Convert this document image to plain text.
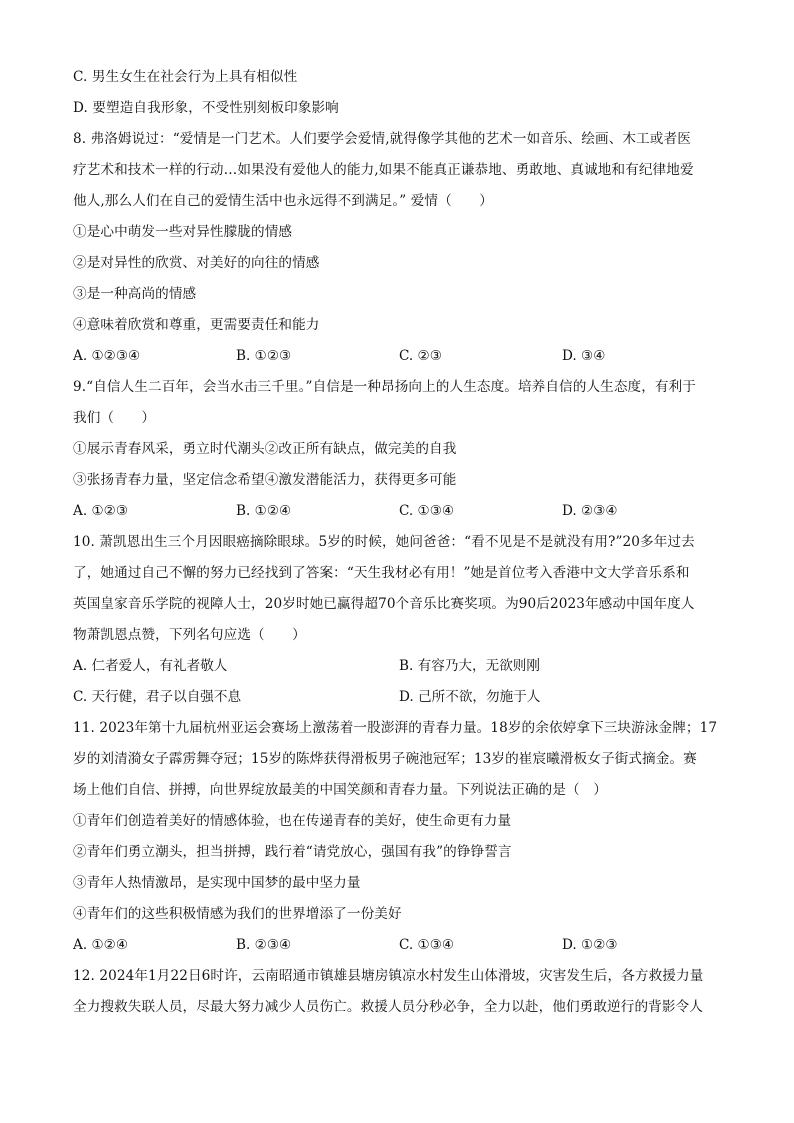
C. 男生女生在社会行为上具有相似性
D. 要塑造自我形象，不受性别刻板印象影响
8. 弗洛姆说过：“爱情是一门艺术。人们要学会爱情,就得像学其他的艺术一如音乐、绘画、木工或者医
疗艺术和技术一样的行动…如果没有爱他人的能力,如果不能真正谦恭地、勇敢地、真诚地和有纪律地爱
他人,那么人们在自己的爱情生活中也永远得不到满足。” 爱情（　　）
①是心中萌发一些对异性朦胧的情感
②是对异性的欣赏、对美好的向往的情感
③是一种高尚的情感
④意味着欣赏和尊重，更需要责任和能力
A. ①②③④	B. ①②③	C. ②③	D. ③④
9.“自信人生二百年，会当水击三千里。”自信是一种昂扬向上的人生态度。培养自信的人生态度，有利于
我们（　　）
①展示青春风采，勇立时代潮头②改正所有缺点，做完美的自我
③张扬青春力量，坚定信念希望④激发潜能活力，获得更多可能
A. ①②③	B. ①②④	C. ①③④	D. ②③④
10. 萧凯恩出生三个月因眼癌摘除眼球。5岁的时候，她问爸爸：“看不见是不是就没有用?”20多年过去
了，她通过自己不懈的努力已经找到了答案：“天生我材必有用！”她是首位考入香港中文大学音乐系和
英国皇家音乐学院的视障人士，20岁时她已赢得超70个音乐比赛奖项。为90后2023年感动中国年度人
物萧凯恩点赞，下列名句应选（　　）
A. 仁者爱人，有礼者敬人	B. 有容乃大，无欲则刚
C. 天行健，君子以自强不息	D. 己所不欲，勿施于人
11. 2023年第十九届杭州亚运会赛场上激荡着一股澎湃的青春力量。18岁的余依婷拿下三块游泳金牌；17
岁的刘清漪女子霹雳舞夺冠；15岁的陈烨获得滑板男子碗池冠军；13岁的崔宸曦滑板女子街式摘金。赛
场上他们自信、拼搏，向世界绽放最美的中国笑颜和青春力量。下列说法正确的是（　）
①青年们创造着美好的情感体验，也在传递青春的美好，使生命更有力量
②青年们勇立潮头，担当拼搏，践行着“请党放心，强国有我”的铮铮誓言
③青年人热情激昂，是实现中国梦的最中坚力量
④青年们的这些积极情感为我们的世界增添了一份美好
A. ①②④	B. ②③④	C. ①③④	D. ①②③
12. 2024年1月22日6时许，云南昭通市镇雄县塘房镇凉水村发生山体滑坡，灾害发生后，各方救援力量
全力搜救失联人员，尽最大努力减少人员伤亡。救援人员分秒必争，全力以赴，他们勇敢逆行的背影令人
